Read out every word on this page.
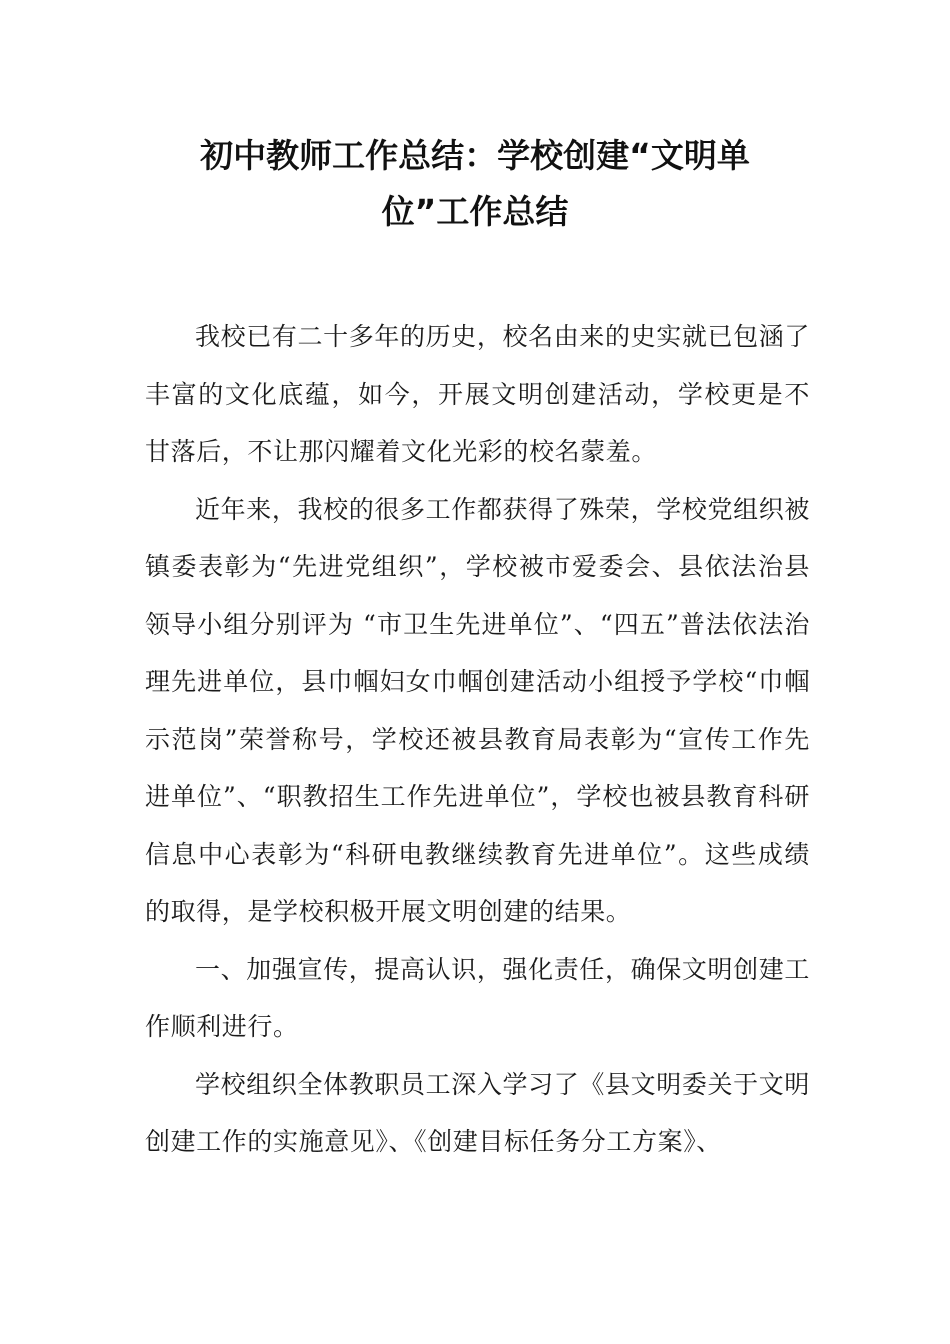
初中教师工作总结：学校创建“文明单
位”工作总结

我校已有二十多年的历史，校名由来的史实就已包涵了丰富的文化底蕴，如今，开展文明创建活动，学校更是不甘落后，不让那闪耀着文化光彩的校名蒙羞。

近年来，我校的很多工作都获得了殊荣，学校党组织被镇委表彰为“先进党组织”，学校被市爱委会、县依法治县领导小组分别评为 “市卫生先进单位”、“四五”普法依法治理先进单位，县巾帼妇女巾帼创建活动小组授予学校“巾帼示范岗”荣誉称号，学校还被县教育局表彰为“宣传工作先进单位”、“职教招生工作先进单位”，学校也被县教育科研信息中心表彰为“科研电教继续教育先进单位”。这些成绩的取得，是学校积极开展文明创建的结果。

一、加强宣传，提高认识，强化责任，确保文明创建工作顺利进行。

学校组织全体教职员工深入学习了《县文明委关于文明创建工作的实施意见》、《创建目标任务分工方案》、
